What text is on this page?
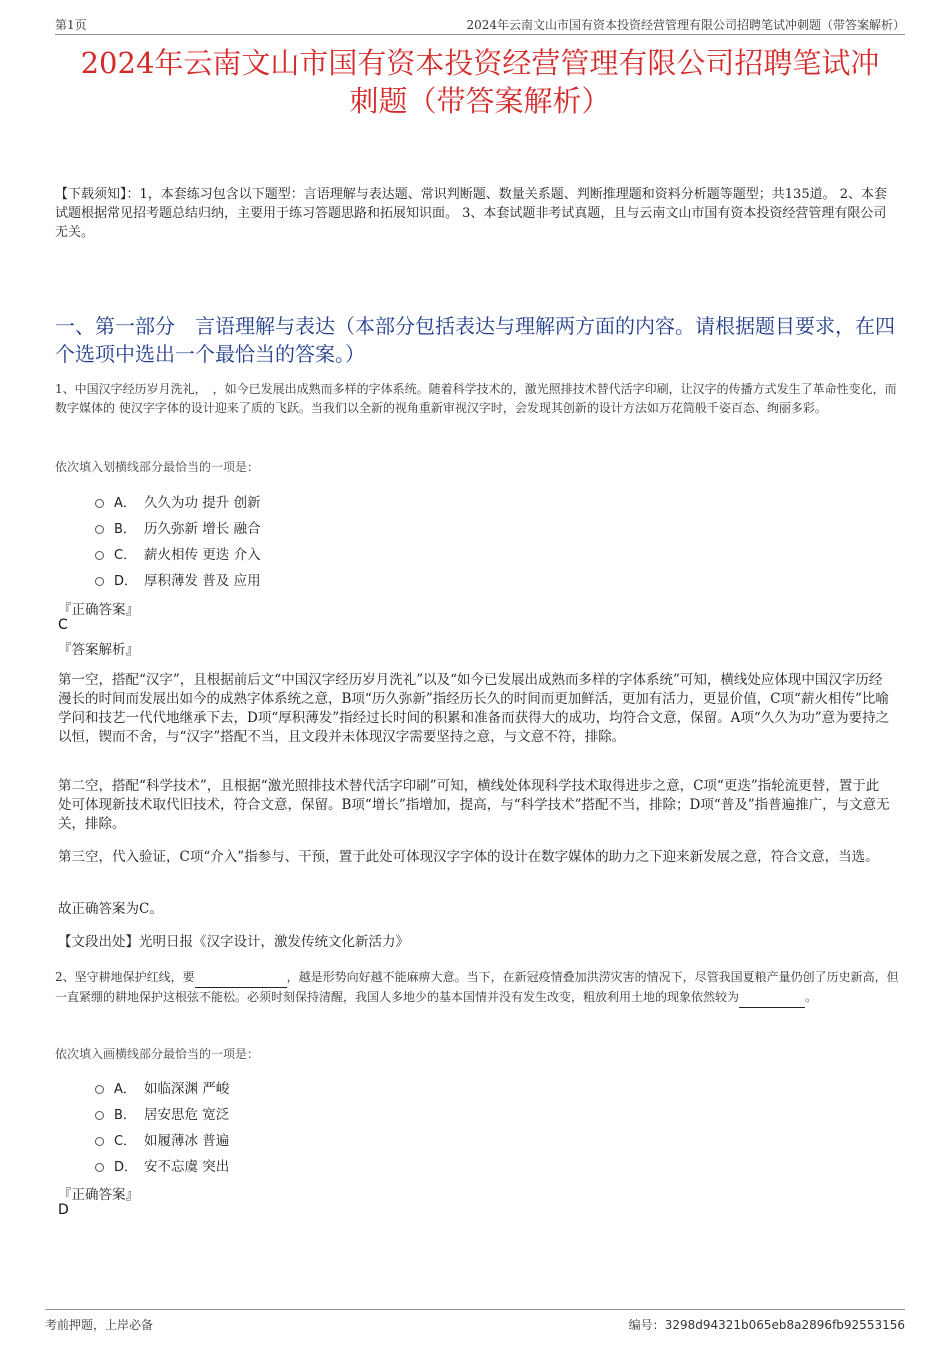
第1页	2024年云南文山市国有资本投资经营管理有限公司招聘笔试冲刺题（带答案解析）
2024年云南文山市国有资本投资经营管理有限公司招聘笔试冲
刺题（带答案解析）
【下载须知】：1，本套练习包含以下题型：言语理解与表达题、常识判断题、数量关系题、判断推理题和资料分析题等题型；共135道。 2、本套试题根据常见招考题总结归纳，主要用于练习答题思路和拓展知识面。 3、本套试题非考试真题，且与云南文山市国有资本投资经营管理有限公司无关。
一、第一部分　言语理解与表达（本部分包括表达与理解两方面的内容。请根据题目要求，在四个选项中选出一个最恰当的答案。）
1、中国汉字经历岁月洗礼，　，如今已发展出成熟而多样的字体系统。随着科学技术的，激光照排技术替代活字印刷，让汉字的传播方式发生了革命性变化，而数字媒体的 使汉字字体的设计迎来了质的飞跃。当我们以全新的视角重新审视汉字时，会发现其创新的设计方法如万花筒般千姿百态、绚丽多彩。
依次填入划横线部分最恰当的一项是：
A． 久久为功 提升 创新
B． 历久弥新 增长 融合
C． 薪火相传 更迭 介入
D． 厚积薄发 普及 应用
『正确答案』
C
『答案解析』
第一空，搭配“汉字”，且根据前后文“中国汉字经历岁月洗礼”以及“如今已发展出成熟而多样的字体系统”可知，横线处应体现中国汉字历经漫长的时间而发展出如今的成熟字体系统之意，B项“历久弥新”指经历长久的时间而更加鲜活，更加有活力，更显价值，C项“薪火相传”比喻学问和技艺一代代地继承下去，D项“厚积薄发”指经过长时间的积累和准备而获得大的成功，均符合文意，保留。A项“久久为功”意为要持之以恒，锲而不舍，与“汉字”搭配不当，且文段并未体现汉字需要坚持之意，与文意不符，排除。
第二空，搭配“科学技术”，且根据“激光照排技术替代活字印刷”可知，横线处体现科学技术取得进步之意，C项“更迭”指轮流更替，置于此处可体现新技术取代旧技术，符合文意，保留。B项“增长”指增加，提高，与“科学技术”搭配不当，排除；D项“普及”指普遍推广，与文意无关，排除。
第三空，代入验证，C项“介入”指参与、干预，置于此处可体现汉字字体的设计在数字媒体的助力之下迎来新发展之意，符合文意，当选。
故正确答案为C。
【文段出处】光明日报《汉字设计，激发传统文化新活力》
2、坚守耕地保护红线，要	，越是形势向好越不能麻痹大意。当下，在新冠疫情叠加洪涝灾害的情况下，尽管我国夏粮产量仍创了历史新高，但一直紧绷的耕地保护这根弦不能松。必须时刻保持清醒，我国人多地少的基本国情并没有发生改变，粗放利用土地的现象依然较为	。
依次填入画横线部分最恰当的一项是：
A． 如临深渊 严峻
B． 居安思危 宽泛
C． 如履薄冰 普遍
D． 安不忘虞 突出
『正确答案』
D
考前押题，上岸必备	编号：3298d94321b065eb8a2896fb92553156
